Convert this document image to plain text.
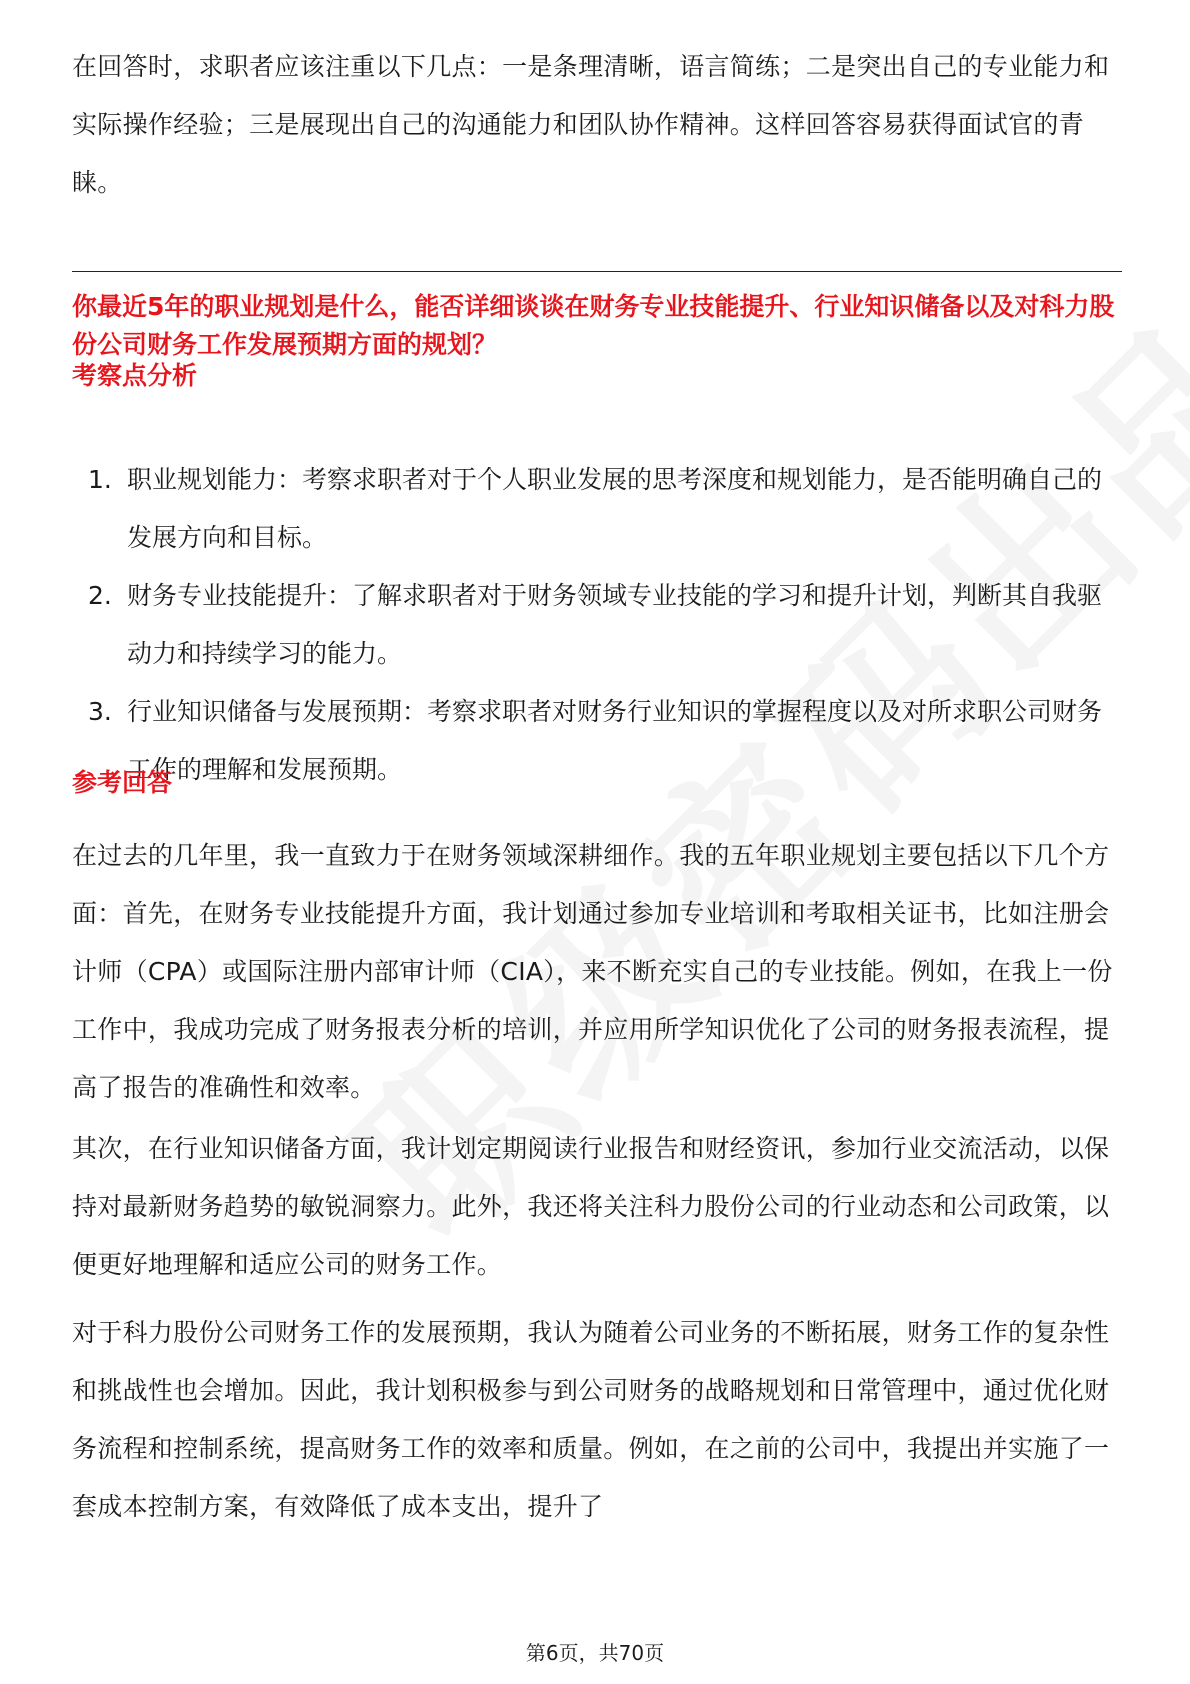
在回答时，求职者应该注重以下几点：一是条理清晰，语言简练；二是突出自己的专业能力和实际操作经验；三是展现出自己的沟通能力和团队协作精神。这样回答容易获得面试官的青睐。

你最近5年的职业规划是什么，能否详细谈谈在财务专业技能提升、行业知识储备以及对科力股份公司财务工作发展预期方面的规划？

考察点分析
1. 职业规划能力：考察求职者对于个人职业发展的思考深度和规划能力，是否能明确自己的发展方向和目标。
2. 财务专业技能提升：了解求职者对于财务领域专业技能的学习和提升计划，判断其自我驱动力和持续学习的能力。
3. 行业知识储备与发展预期：考察求职者对财务行业知识的掌握程度以及对所求职公司财务工作的理解和发展预期。
参考回答

在过去的几年里，我一直致力于在财务领域深耕细作。我的五年职业规划主要包括以下几个方面：首先，在财务专业技能提升方面，我计划通过参加专业培训和考取相关证书，比如注册会计师（CPA）或国际注册内部审计师（CIA），来不断充实自己的专业技能。例如，在我上一份工作中，我成功完成了财务报表分析的培训，并应用所学知识优化了公司的财务报表流程，提高了报告的准确性和效率。

其次，在行业知识储备方面，我计划定期阅读行业报告和财经资讯，参加行业交流活动，以保持对最新财务趋势的敏锐洞察力。此外，我还将关注科力股份公司的行业动态和公司政策，以便更好地理解和适应公司的财务工作。

对于科力股份公司财务工作的发展预期，我认为随着公司业务的不断拓展，财务工作的复杂性和挑战性也会增加。因此，我计划积极参与到公司财务的战略规划和日常管理中，通过优化财务流程和控制系统，提高财务工作的效率和质量。例如，在之前的公司中，我提出并实施了一套成本控制方案，有效降低了成本支出，提升了

第6页，共70页
